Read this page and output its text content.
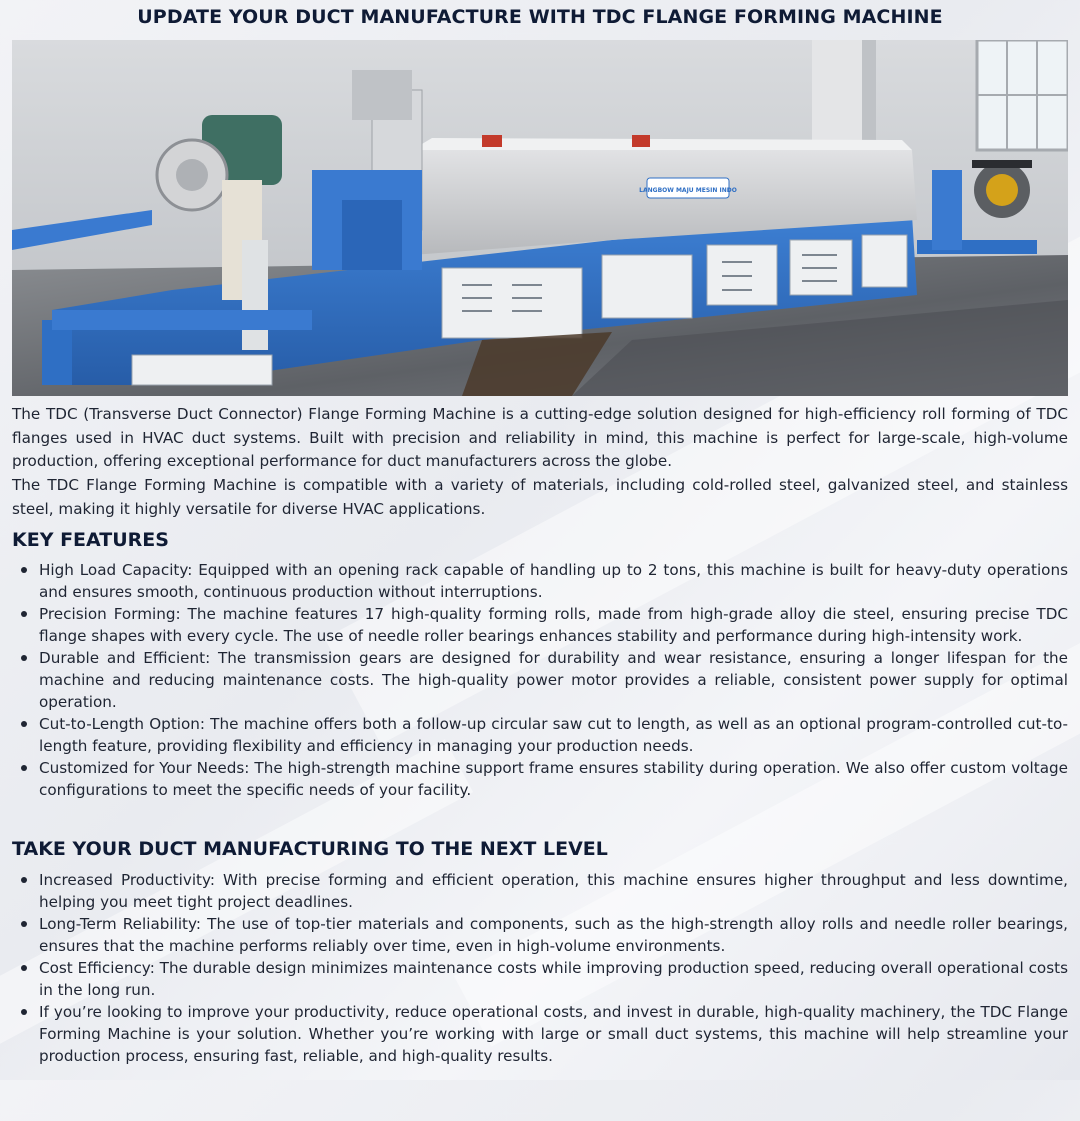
UPDATE YOUR DUCT MANUFACTURE WITH TDC FLANGE FORMING MACHINE
LANGBOW MAJU MESIN INDO
The TDC (Transverse Duct Connector) Flange Forming Machine is a cutting-edge solution designed for high-efficiency roll forming of TDC flanges used in HVAC duct systems. Built with precision and reliability in mind, this machine is perfect for large-scale, high-volume production, offering exceptional performance for duct manufacturers across the globe.
The TDC Flange Forming Machine is compatible with a variety of materials, including cold-rolled steel, galvanized steel, and stainless steel, making it highly versatile for diverse HVAC applications.
KEY FEATURES
High Load Capacity: Equipped with an opening rack capable of handling up to 2 tons, this machine is built for heavy-duty operations and ensures smooth, continuous production without interruptions.
Precision Forming: The machine features 17 high-quality forming rolls, made from high-grade alloy die steel, ensuring precise TDC flange shapes with every cycle. The use of needle roller bearings enhances stability and performance during high-intensity work.
Durable and Efficient: The transmission gears are designed for durability and wear resistance, ensuring a longer lifespan for the machine and reducing maintenance costs. The high-quality power motor provides a reliable, consistent power supply for optimal operation.
Cut-to-Length Option: The machine offers both a follow-up circular saw cut to length, as well as an optional program-controlled cut-to-length feature, providing flexibility and efficiency in managing your production needs.
Customized for Your Needs: The high-strength machine support frame ensures stability during operation. We also offer custom voltage configurations to meet the specific needs of your facility.
TAKE YOUR DUCT MANUFACTURING TO THE NEXT LEVEL
Increased Productivity: With precise forming and efficient operation, this machine ensures higher throughput and less downtime, helping you meet tight project deadlines.
Long-Term Reliability: The use of top-tier materials and components, such as the high-strength alloy rolls and needle roller bearings, ensures that the machine performs reliably over time, even in high-volume environments.
Cost Efficiency: The durable design minimizes maintenance costs while improving production speed, reducing overall operational costs in the long run.
If you’re looking to improve your productivity, reduce operational costs, and invest in durable, high-quality machinery, the TDC Flange Forming Machine is your solution. Whether you’re working with large or small duct systems, this machine will help streamline your production process, ensuring fast, reliable, and high-quality results.
